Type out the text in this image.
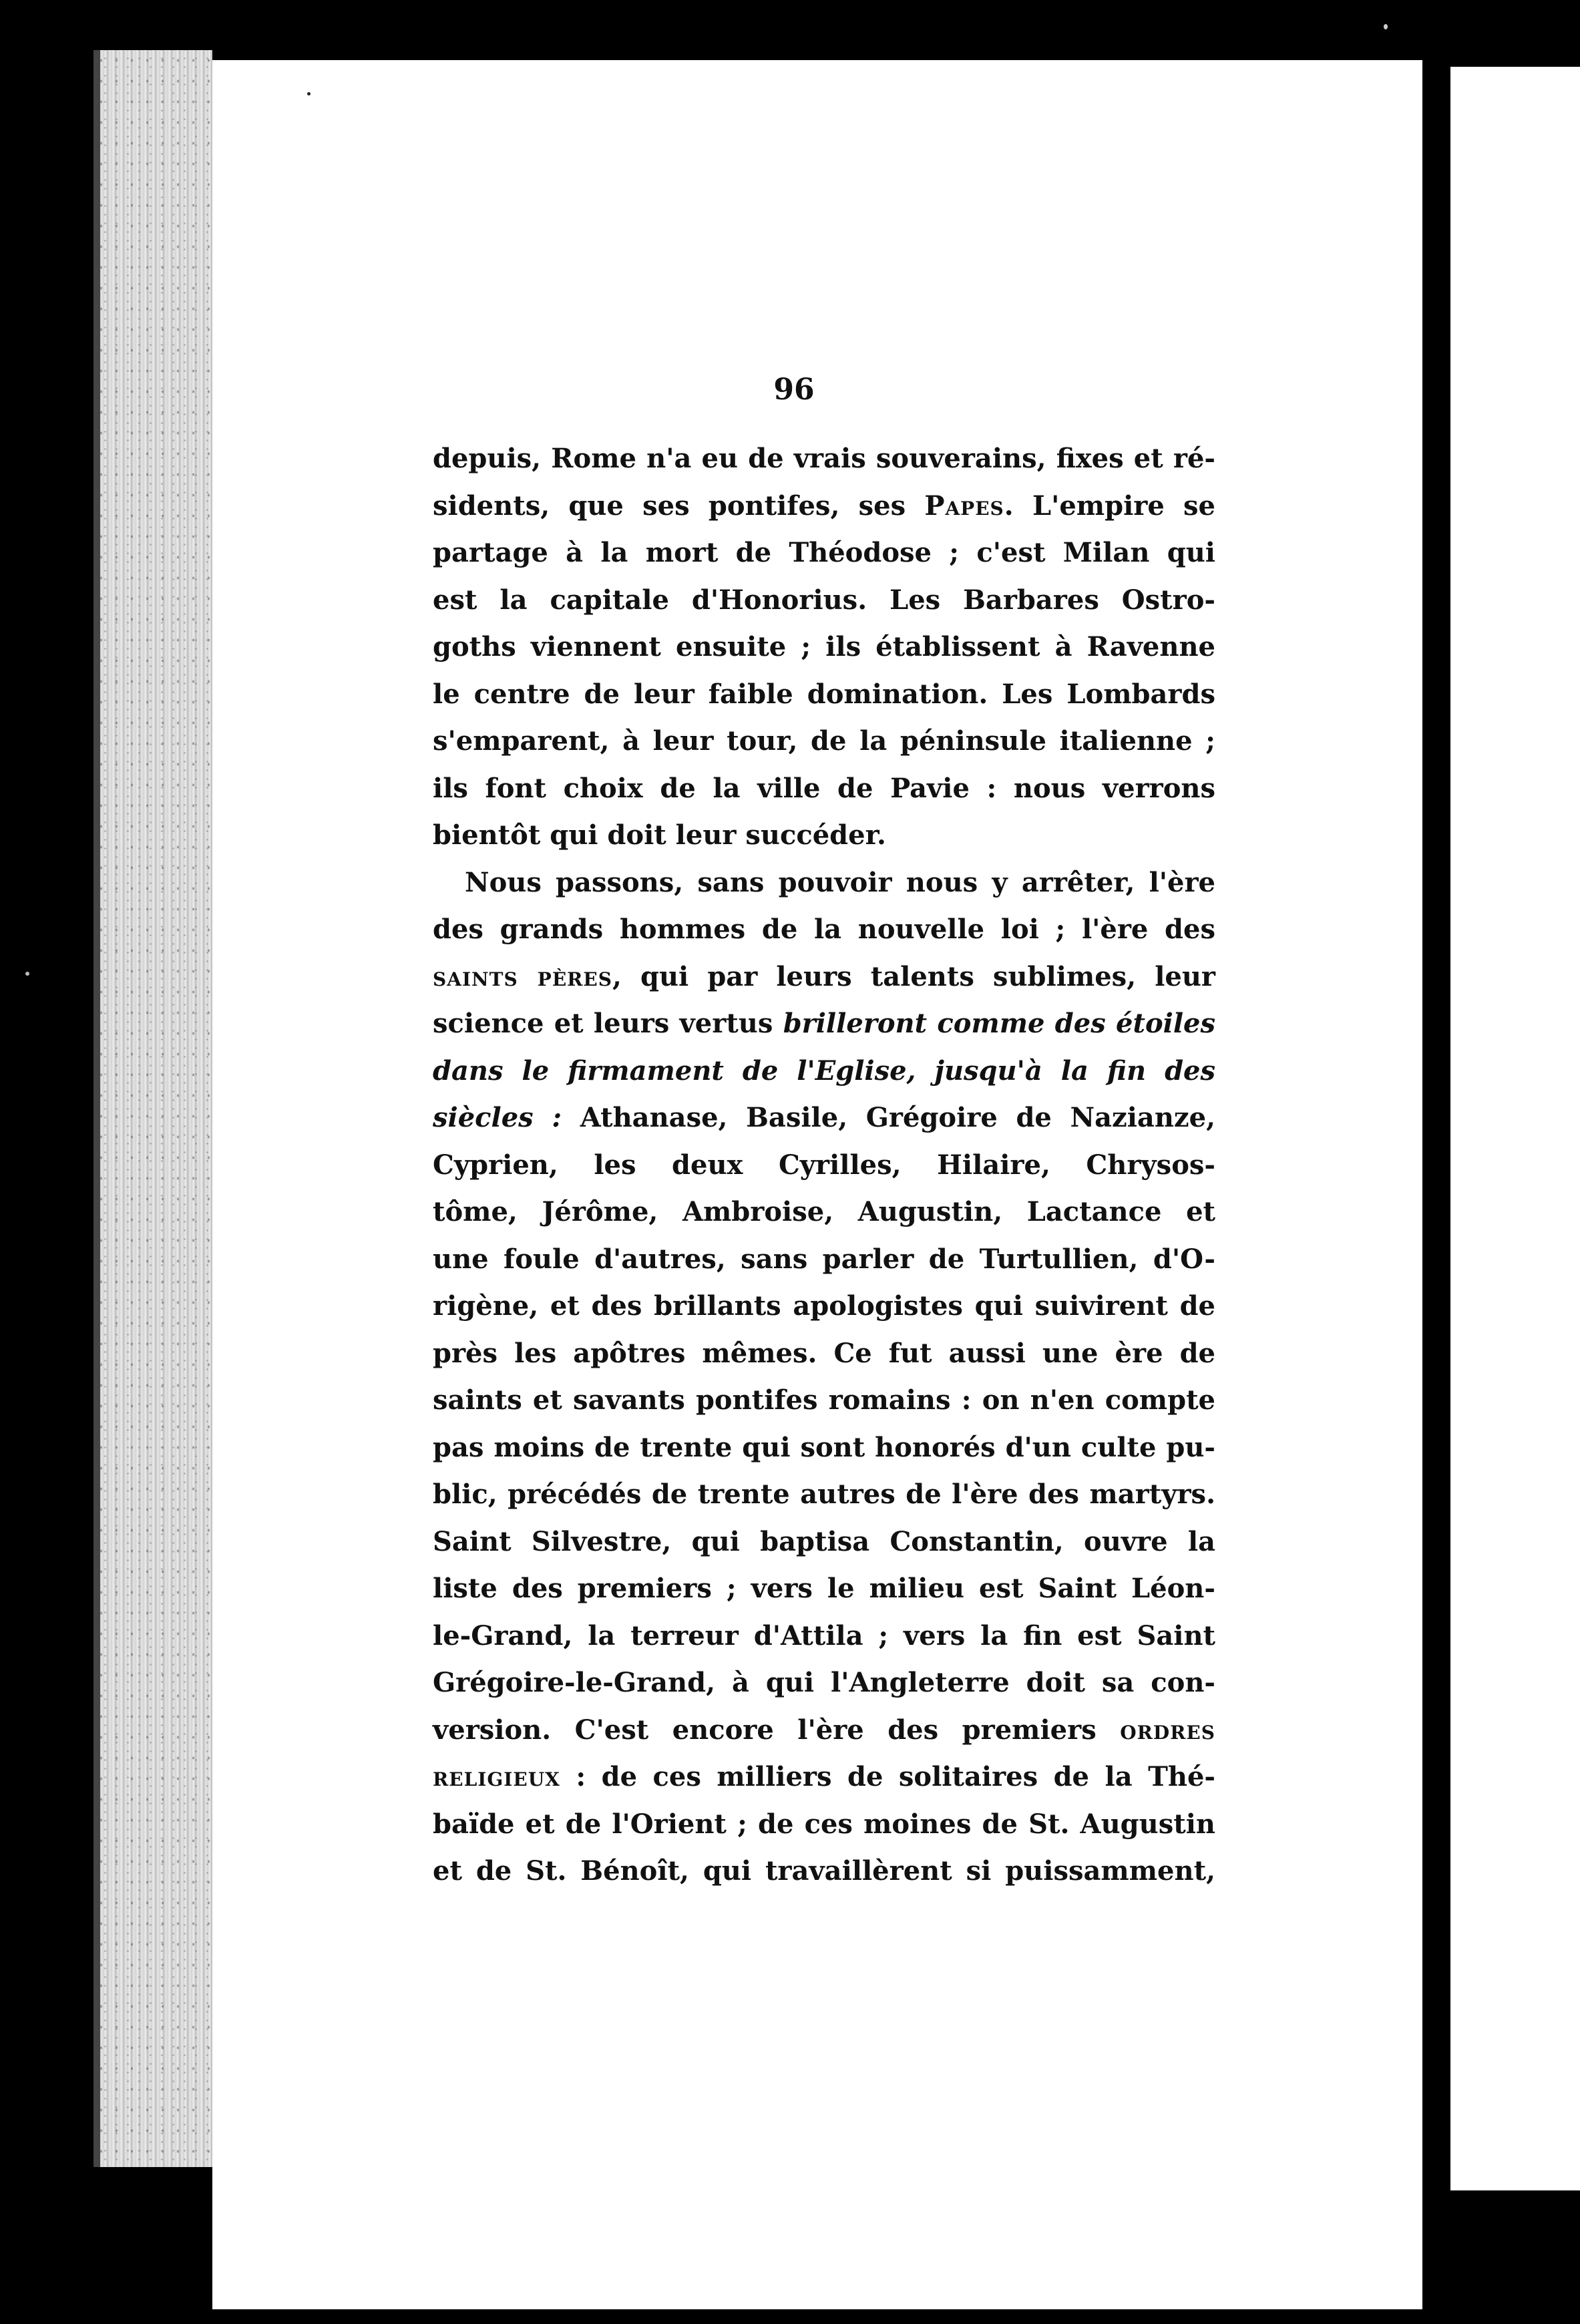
96
depuis, Rome n'a eu de vrais souverains, fixes et ré-
sidents, que ses pontifes, ses Papes. L'empire se
partage à la mort de Théodose ; c'est Milan qui
est la capitale d'Honorius. Les Barbares Ostro-
goths viennent ensuite ; ils établissent à Ravenne
le centre de leur faible domination. Les Lombards
s'emparent, à leur tour, de la péninsule italienne ;
ils font choix de la ville de Pavie : nous verrons
bientôt qui doit leur succéder.
Nous passons, sans pouvoir nous y arrêter, l'ère
des grands hommes de la nouvelle loi ; l'ère des
saints pères, qui par leurs talents sublimes, leur
science et leurs vertus brilleront comme des étoiles
dans le firmament de l'Eglise, jusqu'à la fin des
siècles : Athanase, Basile, Grégoire de Nazianze,
Cyprien, les deux Cyrilles, Hilaire, Chrysos-
tôme, Jérôme, Ambroise, Augustin, Lactance et
une foule d'autres, sans parler de Turtullien, d'O-
rigène, et des brillants apologistes qui suivirent de
près les apôtres mêmes. Ce fut aussi une ère de
saints et savants pontifes romains : on n'en compte
pas moins de trente qui sont honorés d'un culte pu-
blic, précédés de trente autres de l'ère des martyrs.
Saint Silvestre, qui baptisa Constantin, ouvre la
liste des premiers ; vers le milieu est Saint Léon-
le-Grand, la terreur d'Attila ; vers la fin est Saint
Grégoire-le-Grand, à qui l'Angleterre doit sa con-
version. C'est encore l'ère des premiers ordres
religieux : de ces milliers de solitaires de la Thé-
baïde et de l'Orient ; de ces moines de St. Augustin
et de St. Bénoît, qui travaillèrent si puissamment,
